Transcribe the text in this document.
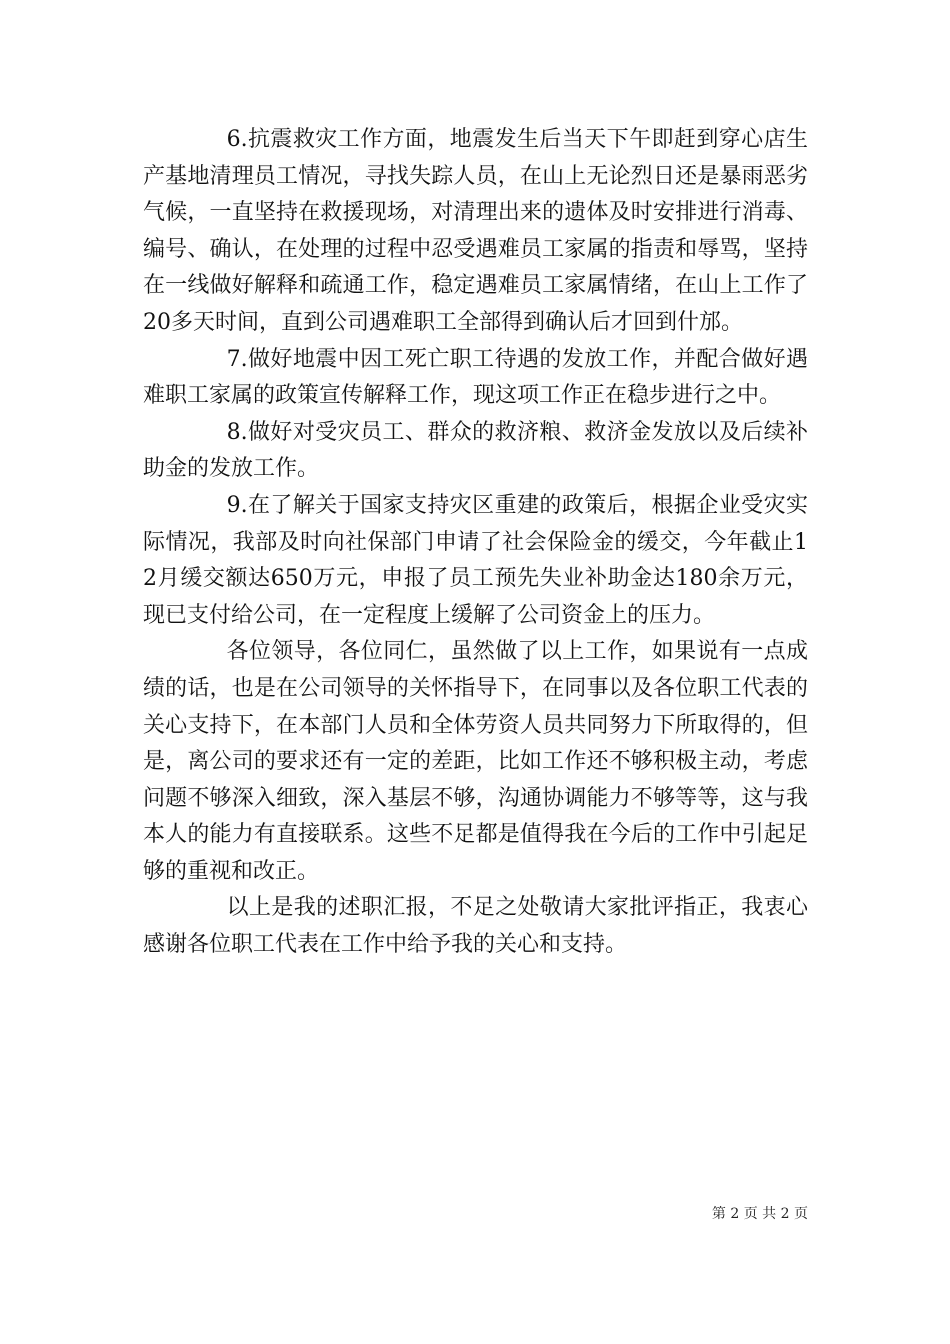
6.抗震救灾工作方面，地震发生后当天下午即赶到穿心店生产基地清理员工情况，寻找失踪人员，在山上无论烈日还是暴雨恶劣气候，一直坚持在救援现场，对清理出来的遗体及时安排进行消毒、编号、确认，在处理的过程中忍受遇难员工家属的指责和辱骂，坚持在一线做好解释和疏通工作，稳定遇难员工家属情绪，在山上工作了20多天时间，直到公司遇难职工全部得到确认后才回到什邡。

7.做好地震中因工死亡职工待遇的发放工作，并配合做好遇难职工家属的政策宣传解释工作，现这项工作正在稳步进行之中。

8.做好对受灾员工、群众的救济粮、救济金发放以及后续补助金的发放工作。

9.在了解关于国家支持灾区重建的政策后，根据企业受灾实际情况，我部及时向社保部门申请了社会保险金的缓交，今年截止12月缓交额达650万元，申报了员工预先失业补助金达180余万元，现已支付给公司，在一定程度上缓解了公司资金上的压力。

各位领导，各位同仁，虽然做了以上工作，如果说有一点成绩的话，也是在公司领导的关怀指导下，在同事以及各位职工代表的关心支持下，在本部门人员和全体劳资人员共同努力下所取得的，但是，离公司的要求还有一定的差距，比如工作还不够积极主动，考虑问题不够深入细致，深入基层不够，沟通协调能力不够等等，这与我本人的能力有直接联系。这些不足都是值得我在今后的工作中引起足够的重视和改正。

以上是我的述职汇报，不足之处敬请大家批评指正，我衷心感谢各位职工代表在工作中给予我的关心和支持。

第 2 页 共 2 页
